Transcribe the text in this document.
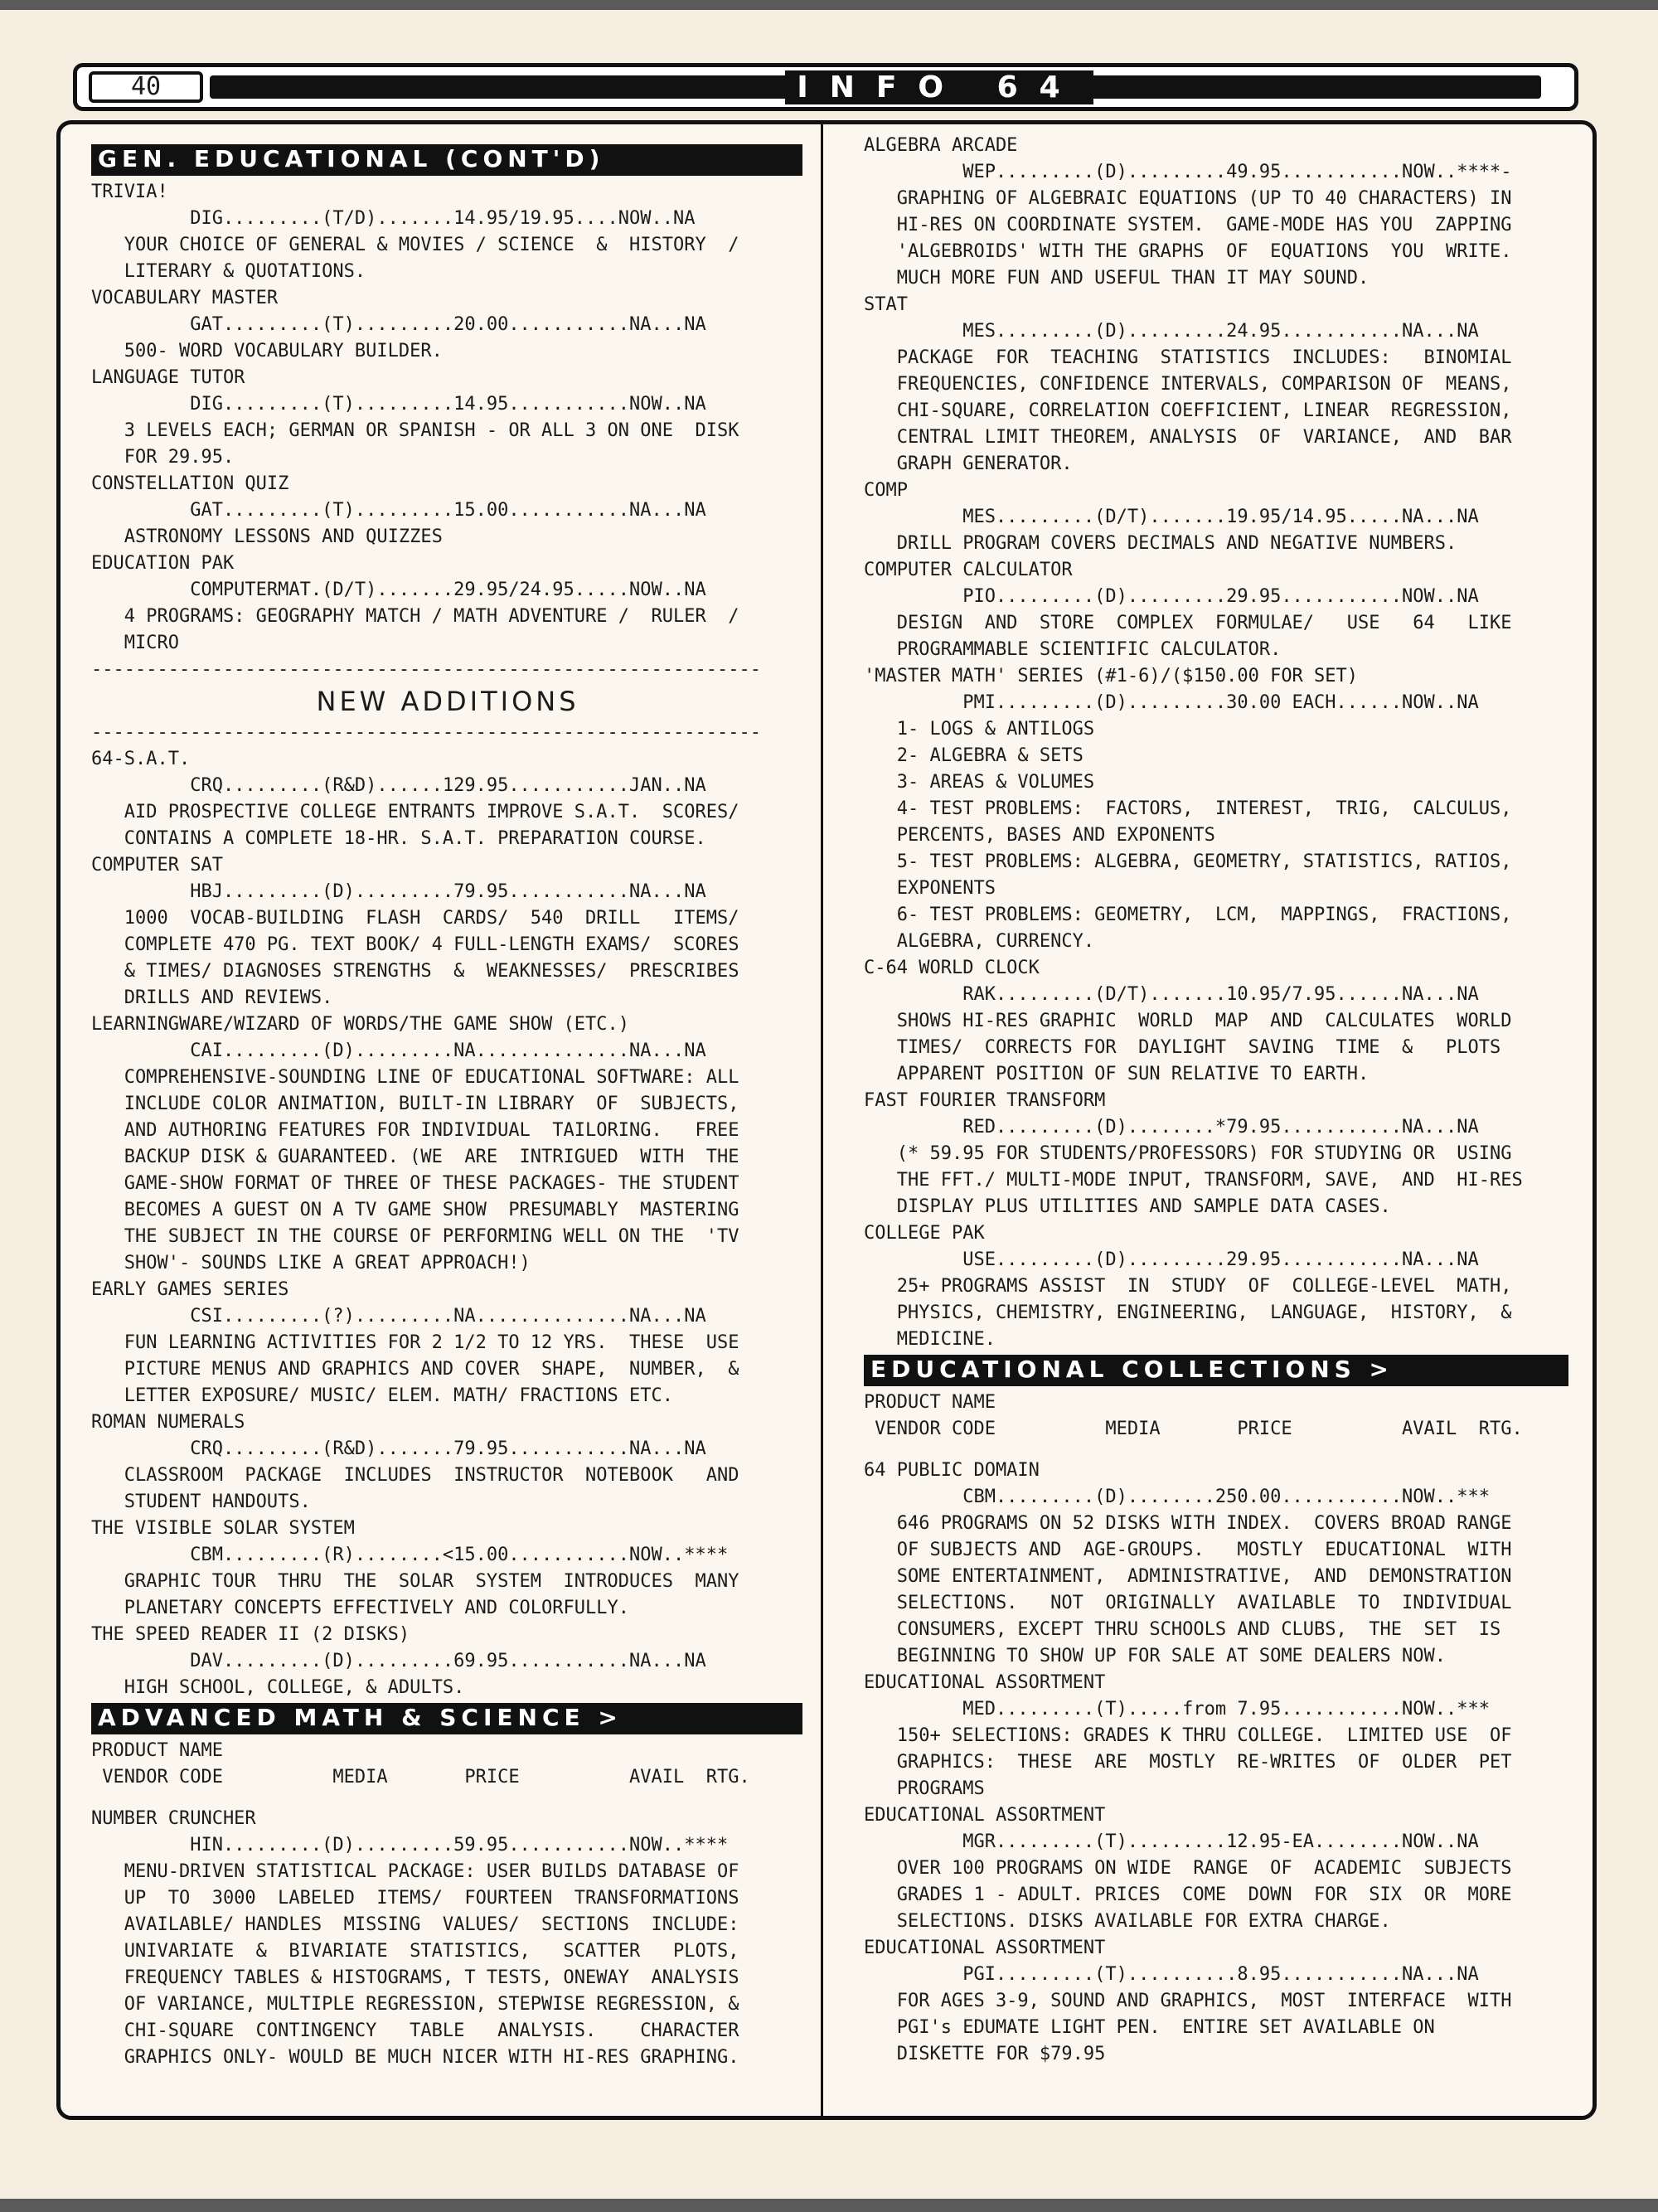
40	INFO 64
GEN. EDUCATIONAL (CONT'D)
TRIVIA!
DIG.........(T/D).......14.95/19.95....NOW..NA
YOUR CHOICE OF GENERAL & MOVIES / SCIENCE  &  HISTORY  /
LITERARY & QUOTATIONS.
VOCABULARY MASTER
GAT.........(T).........20.00...........NA...NA
500- WORD VOCABULARY BUILDER.
LANGUAGE TUTOR
DIG.........(T).........14.95...........NOW..NA
3 LEVELS EACH; GERMAN OR SPANISH - OR ALL 3 ON ONE  DISK
FOR 29.95.
CONSTELLATION QUIZ
GAT.........(T).........15.00...........NA...NA
ASTRONOMY LESSONS AND QUIZZES
EDUCATION PAK
COMPUTERMAT.(D/T).......29.95/24.95.....NOW..NA
4 PROGRAMS: GEOGRAPHY MATCH / MATH ADVENTURE /  RULER  /
MICRO
-------------------------------------------------------------
NEW ADDITIONS
-------------------------------------------------------------
64-S.A.T.
CRQ.........(R&D)......129.95...........JAN..NA
AID PROSPECTIVE COLLEGE ENTRANTS IMPROVE S.A.T.  SCORES/
CONTAINS A COMPLETE 18-HR. S.A.T. PREPARATION COURSE.
COMPUTER SAT
HBJ.........(D).........79.95...........NA...NA
1000  VOCAB-BUILDING  FLASH  CARDS/  540  DRILL   ITEMS/
COMPLETE 470 PG. TEXT BOOK/ 4 FULL-LENGTH EXAMS/  SCORES
& TIMES/ DIAGNOSES STRENGTHS  &  WEAKNESSES/  PRESCRIBES
DRILLS AND REVIEWS.
LEARNINGWARE/WIZARD OF WORDS/THE GAME SHOW (ETC.)
CAI.........(D).........NA..............NA...NA
COMPREHENSIVE-SOUNDING LINE OF EDUCATIONAL SOFTWARE: ALL
INCLUDE COLOR ANIMATION, BUILT-IN LIBRARY  OF  SUBJECTS,
AND AUTHORING FEATURES FOR INDIVIDUAL  TAILORING.   FREE
BACKUP DISK & GUARANTEED. (WE  ARE  INTRIGUED  WITH  THE
GAME-SHOW FORMAT OF THREE OF THESE PACKAGES- THE STUDENT
BECOMES A GUEST ON A TV GAME SHOW  PRESUMABLY  MASTERING
THE SUBJECT IN THE COURSE OF PERFORMING WELL ON THE  'TV
SHOW'- SOUNDS LIKE A GREAT APPROACH!)
EARLY GAMES SERIES
CSI.........(?).........NA..............NA...NA
FUN LEARNING ACTIVITIES FOR 2 1/2 TO 12 YRS.  THESE  USE
PICTURE MENUS AND GRAPHICS AND COVER  SHAPE,  NUMBER,  &
LETTER EXPOSURE/ MUSIC/ ELEM. MATH/ FRACTIONS ETC.
ROMAN NUMERALS
CRQ.........(R&D).......79.95...........NA...NA
CLASSROOM  PACKAGE  INCLUDES  INSTRUCTOR  NOTEBOOK   AND
STUDENT HANDOUTS.
THE VISIBLE SOLAR SYSTEM
CBM.........(R)........<15.00...........NOW..****
GRAPHIC TOUR  THRU  THE  SOLAR  SYSTEM  INTRODUCES  MANY
PLANETARY CONCEPTS EFFECTIVELY AND COLORFULLY.
THE SPEED READER II (2 DISKS)
DAV.........(D).........69.95...........NA...NA
HIGH SCHOOL, COLLEGE, & ADULTS.
ADVANCED MATH & SCIENCE >
PRODUCT NAME
VENDOR CODE          MEDIA       PRICE          AVAIL  RTG.
NUMBER CRUNCHER
HIN.........(D).........59.95...........NOW..****
MENU-DRIVEN STATISTICAL PACKAGE: USER BUILDS DATABASE OF
UP  TO  3000  LABELED  ITEMS/  FOURTEEN  TRANSFORMATIONS
AVAILABLE/ HANDLES  MISSING  VALUES/  SECTIONS  INCLUDE:
UNIVARIATE  &  BIVARIATE  STATISTICS,   SCATTER   PLOTS,
FREQUENCY TABLES & HISTOGRAMS, T TESTS, ONEWAY  ANALYSIS
OF VARIANCE, MULTIPLE REGRESSION, STEPWISE REGRESSION, &
CHI-SQUARE  CONTINGENCY   TABLE   ANALYSIS.    CHARACTER
GRAPHICS ONLY- WOULD BE MUCH NICER WITH HI-RES GRAPHING.
ALGEBRA ARCADE
WEP.........(D).........49.95...........NOW..****-
GRAPHING OF ALGEBRAIC EQUATIONS (UP TO 40 CHARACTERS) IN
HI-RES ON COORDINATE SYSTEM.  GAME-MODE HAS YOU  ZAPPING
'ALGEBROIDS' WITH THE GRAPHS  OF  EQUATIONS  YOU  WRITE.
MUCH MORE FUN AND USEFUL THAN IT MAY SOUND.
STAT
MES.........(D).........24.95...........NA...NA
PACKAGE  FOR  TEACHING  STATISTICS  INCLUDES:   BINOMIAL
FREQUENCIES, CONFIDENCE INTERVALS, COMPARISON OF  MEANS,
CHI-SQUARE, CORRELATION COEFFICIENT, LINEAR  REGRESSION,
CENTRAL LIMIT THEOREM, ANALYSIS  OF  VARIANCE,  AND  BAR
GRAPH GENERATOR.
COMP
MES.........(D/T).......19.95/14.95.....NA...NA
DRILL PROGRAM COVERS DECIMALS AND NEGATIVE NUMBERS.
COMPUTER CALCULATOR
PIO.........(D).........29.95...........NOW..NA
DESIGN  AND  STORE  COMPLEX  FORMULAE/   USE   64   LIKE
PROGRAMMABLE SCIENTIFIC CALCULATOR.
'MASTER MATH' SERIES (#1-6)/($150.00 FOR SET)
PMI.........(D).........30.00 EACH......NOW..NA
1- LOGS & ANTILOGS
2- ALGEBRA & SETS
3- AREAS & VOLUMES
4- TEST PROBLEMS:  FACTORS,  INTEREST,  TRIG,  CALCULUS,
PERCENTS, BASES AND EXPONENTS
5- TEST PROBLEMS: ALGEBRA, GEOMETRY, STATISTICS, RATIOS,
EXPONENTS
6- TEST PROBLEMS: GEOMETRY,  LCM,  MAPPINGS,  FRACTIONS,
ALGEBRA, CURRENCY.
C-64 WORLD CLOCK
RAK.........(D/T).......10.95/7.95......NA...NA
SHOWS HI-RES GRAPHIC  WORLD  MAP  AND  CALCULATES  WORLD
TIMES/  CORRECTS FOR  DAYLIGHT  SAVING  TIME  &   PLOTS
APPARENT POSITION OF SUN RELATIVE TO EARTH.
FAST FOURIER TRANSFORM
RED.........(D)........*79.95...........NA...NA
(* 59.95 FOR STUDENTS/PROFESSORS) FOR STUDYING OR  USING
THE FFT./ MULTI-MODE INPUT, TRANSFORM, SAVE,  AND  HI-RES
DISPLAY PLUS UTILITIES AND SAMPLE DATA CASES.
COLLEGE PAK
USE.........(D).........29.95...........NA...NA
25+ PROGRAMS ASSIST  IN  STUDY  OF  COLLEGE-LEVEL  MATH,
PHYSICS, CHEMISTRY, ENGINEERING,  LANGUAGE,  HISTORY,  &
MEDICINE.
EDUCATIONAL COLLECTIONS >
PRODUCT NAME
VENDOR CODE          MEDIA       PRICE          AVAIL  RTG.
64 PUBLIC DOMAIN
CBM.........(D)........250.00...........NOW..***
646 PROGRAMS ON 52 DISKS WITH INDEX.  COVERS BROAD RANGE
OF SUBJECTS AND  AGE-GROUPS.   MOSTLY  EDUCATIONAL  WITH
SOME ENTERTAINMENT,  ADMINISTRATIVE,  AND  DEMONSTRATION
SELECTIONS.   NOT  ORIGINALLY  AVAILABLE  TO  INDIVIDUAL
CONSUMERS, EXCEPT THRU SCHOOLS AND CLUBS,  THE  SET  IS
BEGINNING TO SHOW UP FOR SALE AT SOME DEALERS NOW.
EDUCATIONAL ASSORTMENT
MED.........(T).....from 7.95...........NOW..***
150+ SELECTIONS: GRADES K THRU COLLEGE.  LIMITED USE  OF
GRAPHICS:  THESE  ARE  MOSTLY  RE-WRITES  OF  OLDER  PET
PROGRAMS
EDUCATIONAL ASSORTMENT
MGR.........(T).........12.95-EA........NOW..NA
OVER 100 PROGRAMS ON WIDE  RANGE  OF  ACADEMIC  SUBJECTS
GRADES 1 - ADULT. PRICES  COME  DOWN  FOR  SIX  OR  MORE
SELECTIONS. DISKS AVAILABLE FOR EXTRA CHARGE.
EDUCATIONAL ASSORTMENT
PGI.........(T)..........8.95...........NA...NA
FOR AGES 3-9, SOUND AND GRAPHICS,  MOST  INTERFACE  WITH
PGI's EDUMATE LIGHT PEN.  ENTIRE SET AVAILABLE ON
DISKETTE FOR $79.95
